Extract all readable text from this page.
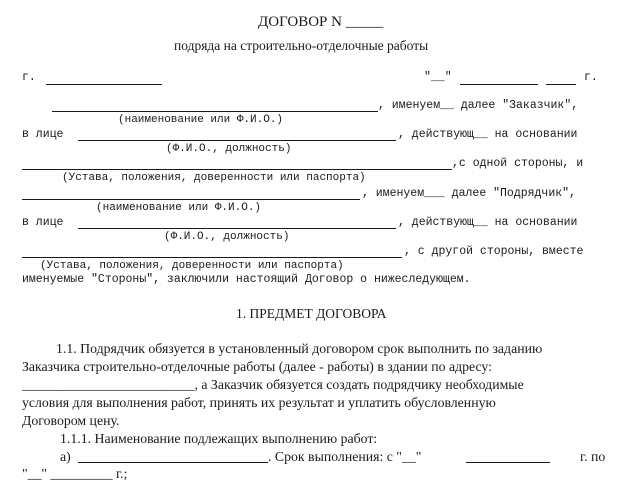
ДОГОВОР N _____
подряда на строительно-отделочные работы
г.	"__"	г.
, именуем__ далее "Заказчик",
(наименование или Ф.И.О.)
в лице	, действующ__ на основании
(Ф.И.О., должность)
,с одной стороны, и
(Устава, положения, доверенности или паспорта)
, именуем___ далее "Подрядчик",
(наименование или Ф.И.О.)
в лице	, действующ__ на основании
(Ф.И.О., должность)
, с другой стороны, вместе
(Устава, положения, доверенности или паспорта)
именуемые "Стороны", заключили настоящий Договор о нижеследующем.
1. ПРЕДМЕТ ДОГОВОРА
1.1. Подрядчик обязуется в установленный договором срок выполнить по заданию
Заказчика строительно-отделочные работы (далее - работы) в здании по адресу:
_________________________, а Заказчик обязуется создать подрядчику необходимые
условия для выполнения работ, принять их результат и уплатить обусловленную
Договором цену.
1.1.1. Наименование подлежащих выполнению работ:
а)	. Срок выполнения: с "__"	г. по
"__" _________ г.;
